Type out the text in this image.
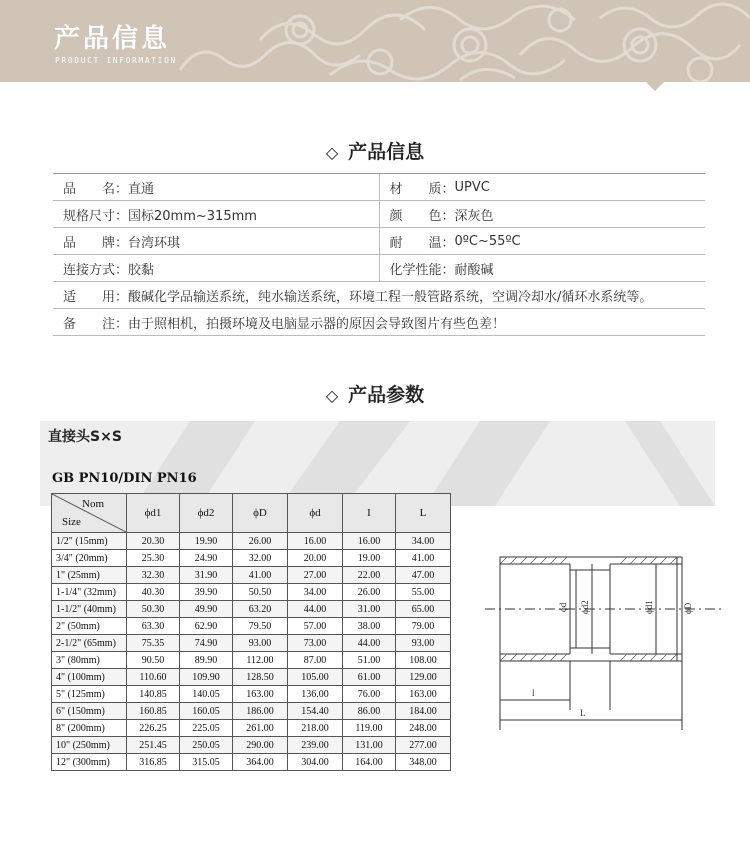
产品信息
PRODUCT INFORMATION
◇ 产品信息
品　　名：直通	材　　质： UPVC
规格尺寸：国标20mm~315mm	颜　　色： 深灰色
品　　牌：台湾环琪	耐　　温： 0ºC~55ºC
连接方式：胶黏	化学性能： 耐酸碱
适　　用：酸碱化学品输送系统，纯水输送系统，环境工程一般管路系统，空调冷却水/循环水系统等。
备　　注：由于照相机，拍摄环境及电脑显示器的原因会导致图片有些色差！
◇ 产品参数
直接头S×S
GB PN10/DIN PN16
Nom
Size	ϕd1	ϕd2	ϕD	ϕd	I	L
1/2" (15mm)	20.30	19.90	26.00	16.00	16.00	34.00
3/4" (20mm)	25.30	24.90	32.00	20.00	19.00	41.00
1" (25mm)	32.30	31.90	41.00	27.00	22.00	47.00
1-1/4" (32mm)	40.30	39.90	50.50	34.00	26.00	55.00
1-1/2" (40mm)	50.30	49.90	63.20	44.00	31.00	65.00
2" (50mm)	63.30	62.90	79.50	57.00	38.00	79.00
2-1/2" (65mm)	75.35	74.90	93.00	73.00	44.00	93.00
3" (80mm)	90.50	89.90	112.00	87.00	51.00	108.00
4" (100mm)	110.60	109.90	128.50	105.00	61.00	129.00
5" (125mm)	140.85	140.05	163.00	136.00	76.00	163.00
6" (150mm)	160.85	160.05	186.00	154.40	86.00	184.00
8" (200mm)	226.25	225.05	261.00	218.00	119.00	248.00
10" (250mm)	251.45	250.05	290.00	239.00	131.00	277.00
12" (300mm)	316.85	315.05	364.00	304.00	164.00	348.00
ϕd ϕd2	ϕd1	ϕD
l
L
